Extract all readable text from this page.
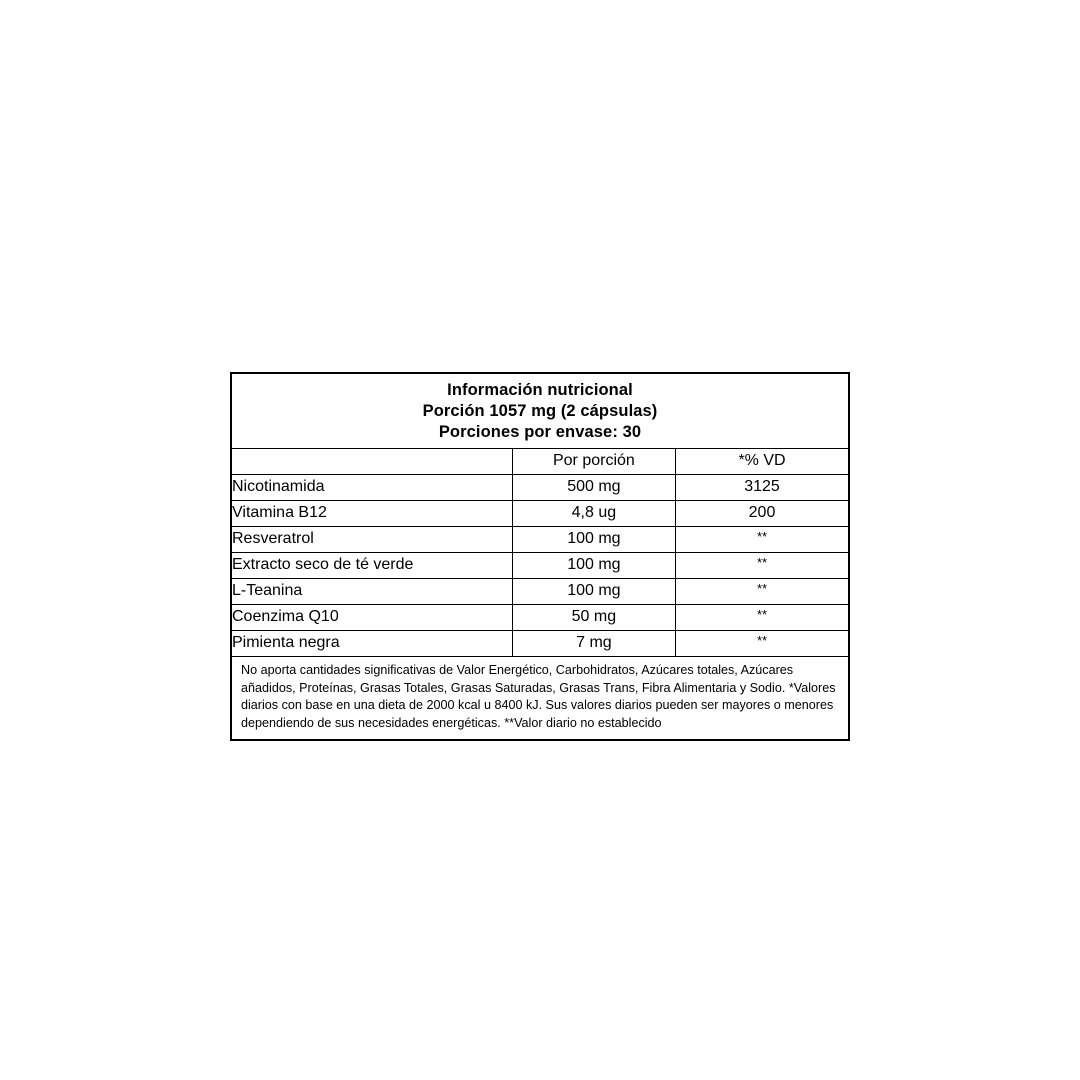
Información nutricional
Porción 1057 mg (2 cápsulas)
Porciones por envase: 30
	Por porción	*% VD
Nicotinamida	500 mg	3125
Vitamina B12	4,8 ug	200
Resveratrol	100 mg	**
Extracto seco de té verde	100 mg	**
L-Teanina	100 mg	**
Coenzima Q10	50 mg	**
Pimienta negra	7 mg	**
No aporta cantidades significativas de Valor Energético, Carbohidratos, Azúcares totales, Azúcares añadidos, Proteínas, Grasas Totales, Grasas Saturadas, Grasas Trans, Fibra Alimentaria y Sodio. *Valores diarios con base en una dieta de 2000 kcal u 8400 kJ. Sus valores diarios pueden ser mayores o menores dependiendo de sus necesidades energéticas. **Valor diario no establecido
